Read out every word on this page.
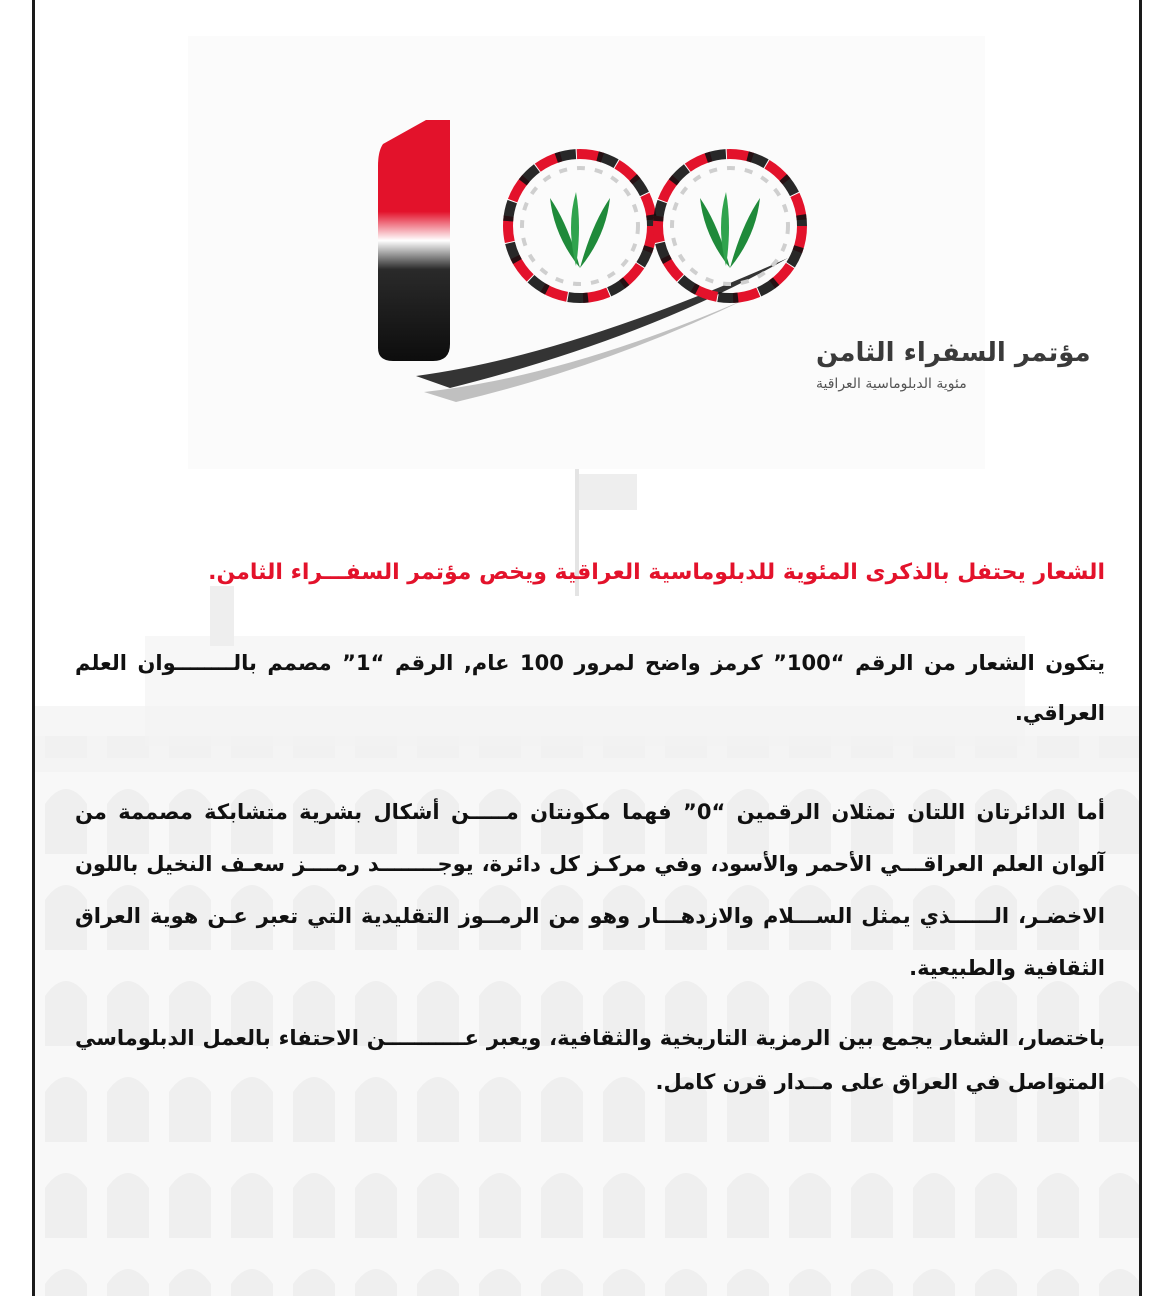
مؤتمر السفراء الثامن
مئوية الدبلوماسية العراقية

الشعار يحتفل بالذكرى المئوية للدبلوماسية العراقية ويخص مؤتمر السفـــراء الثامن.

يتكون الشعار من الرقم “100” كرمز واضح لمرور 100 عام, الرقم “1” مصمم بالــــــــوان العلم العراقي.

أما الدائرتان اللتان تمثلان الرقمين “0” فهما مكونتان مـــــن أشكال بشرية متشابكة مصممة من آلوان العلم العراقـــي الأحمر والأسود، وفي مركـز كل دائرة، يوجــــــــد رمــــز سعـف النخيل باللون الاخضـر، الــــــذي يمثل الســـلام والازدهـــار وهو من الرمــوز التقليدية التي تعبر عـن هوية العراق الثقافية والطبيعية.

باختصار، الشعار يجمع بين الرمزية التاريخية والثقافية، ويعبر عـــــــــــن الاحتفاء بالعمل الدبلوماسي المتواصل في العراق على مــدار قرن كامل.
